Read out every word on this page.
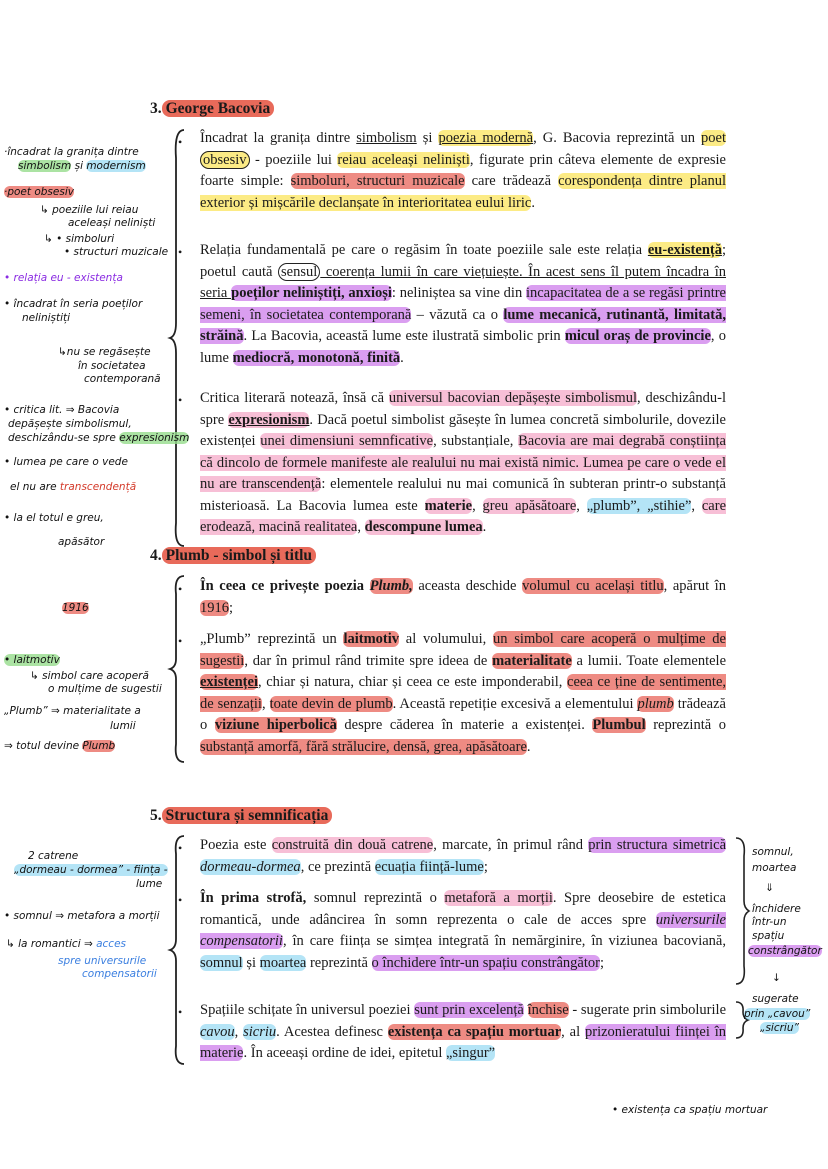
3. George Bacovia
Încadrat la granița dintre simbolism și poezia modernă, G. Bacovia reprezintă un poet obsesiv - poeziile lui reiau aceleași neliniști, figurate prin câteva elemente de expresie foarte simple: simboluri, structuri muzicale care trădează corespondența dintre planul exterior și mișcările declanșate în interioritatea eului liric.
Relația fundamentală pe care o regăsim în toate poeziile sale este relația eu-existență; poetul caută sensul coerența lumii în care viețuiește. În acest sens îl putem încadra în seria poeților neliniștiți, anxioși: neliniștea sa vine din incapacitatea de a se regăsi printre semeni, în societatea contemporană – văzută ca o lume mecanică, rutinantă, limitată, străină. La Bacovia, această lume este ilustrată simbolic prin micul oraș de provincie, o lume mediocră, monotonă, finită.
Critica literară notează, însă că universul bacovian depășește simbolismul, deschizându-l spre expresionism. Dacă poetul simbolist găsește în lumea concretă simbolurile, dovezile existenței unei dimensiuni semnficative, substanțiale, Bacovia are mai degrabă conștiința că dincolo de formele manifeste ale realului nu mai există nimic. Lumea pe care o vede el nu are transcendență: elementele realului nu mai comunică în subteran printr-o substanță misterioasă. La Bacovia lumea este materie, greu apăsătoare, „plumb”, „stihie”, care erodează, macină realitatea, descompune lumea.
4. Plumb - simbol și titlu
În ceea ce privește poezia Plumb, aceasta deschide volumul cu același titlu, apărut în 1916;
„Plumb” reprezintă un laitmotiv al volumului, un simbol care acoperă o mulțime de sugestii, dar în primul rând trimite spre ideea de materialitate a lumii. Toate elementele existenței, chiar și natura, chiar și ceea ce este imponderabil, ceea ce ține de sentimente, de senzații, toate devin de plumb. Această repetiție excesivă a elementului plumb trădează o viziune hiperbolică despre căderea în materie a existenței. Plumbul reprezintă o substanță amorfă, fără strălucire, densă, grea, apăsătoare.
5. Structura și semnificația
Poezia este construită din două catrene, marcate, în primul rând prin structura simetrică dormeau-dormea, ce prezintă ecuația ființă-lume;
În prima strofă, somnul reprezintă o metaforă a morții. Spre deosebire de estetica romantică, unde adâncirea în somn reprezenta o cale de acces spre universurile compensatorii, în care ființa se simțea integrată în nemărginire, în viziunea bacoviană, somnul și moartea reprezintă o închidere într-un spațiu constrângător;
Spațiile schițate în universul poeziei sunt prin excelență închise - sugerate prin simbolurile cavou, sicriu. Acestea definesc existența ca spațiu mortuar, al prizonieratului ființei în materie. În aceeași ordine de idei, epitetul „singur”
•
•
•
•
•
•
•
•
·încadrat la granița dintre
simbolism și modernism
·poet obsesiv
↳ poeziile lui reiau
aceleași neliniști
↳ • simboluri
• structuri muzicale
• relația eu - existența
• încadrat în seria poeților
neliniștiți
↳nu se regăsește
în societatea
contemporană
• critica lit. ⇒ Bacovia
depășește simbolismul,
deschizându-se spre expresionism
• lumea pe care o vede
el nu are transcendență
• la el totul e greu,
apăsător
1916
• laitmotiv
↳ simbol care acoperă
o mulțime de sugestii
„Plumb” ⇒ materialitate a
lumii
⇒ totul devine Plumb
2 catrene
„dormeau - dormea” - ființa -
lume
• somnul ⇒ metafora a morții
↳ la romantici ⇒ acces
spre universurile
compensatorii
somnul,
moartea
⇓
închidere
într-un
spațiu
constrângător
↓
sugerate
prin „cavou”
„sicriu”
• existența ca spațiu mortuar
